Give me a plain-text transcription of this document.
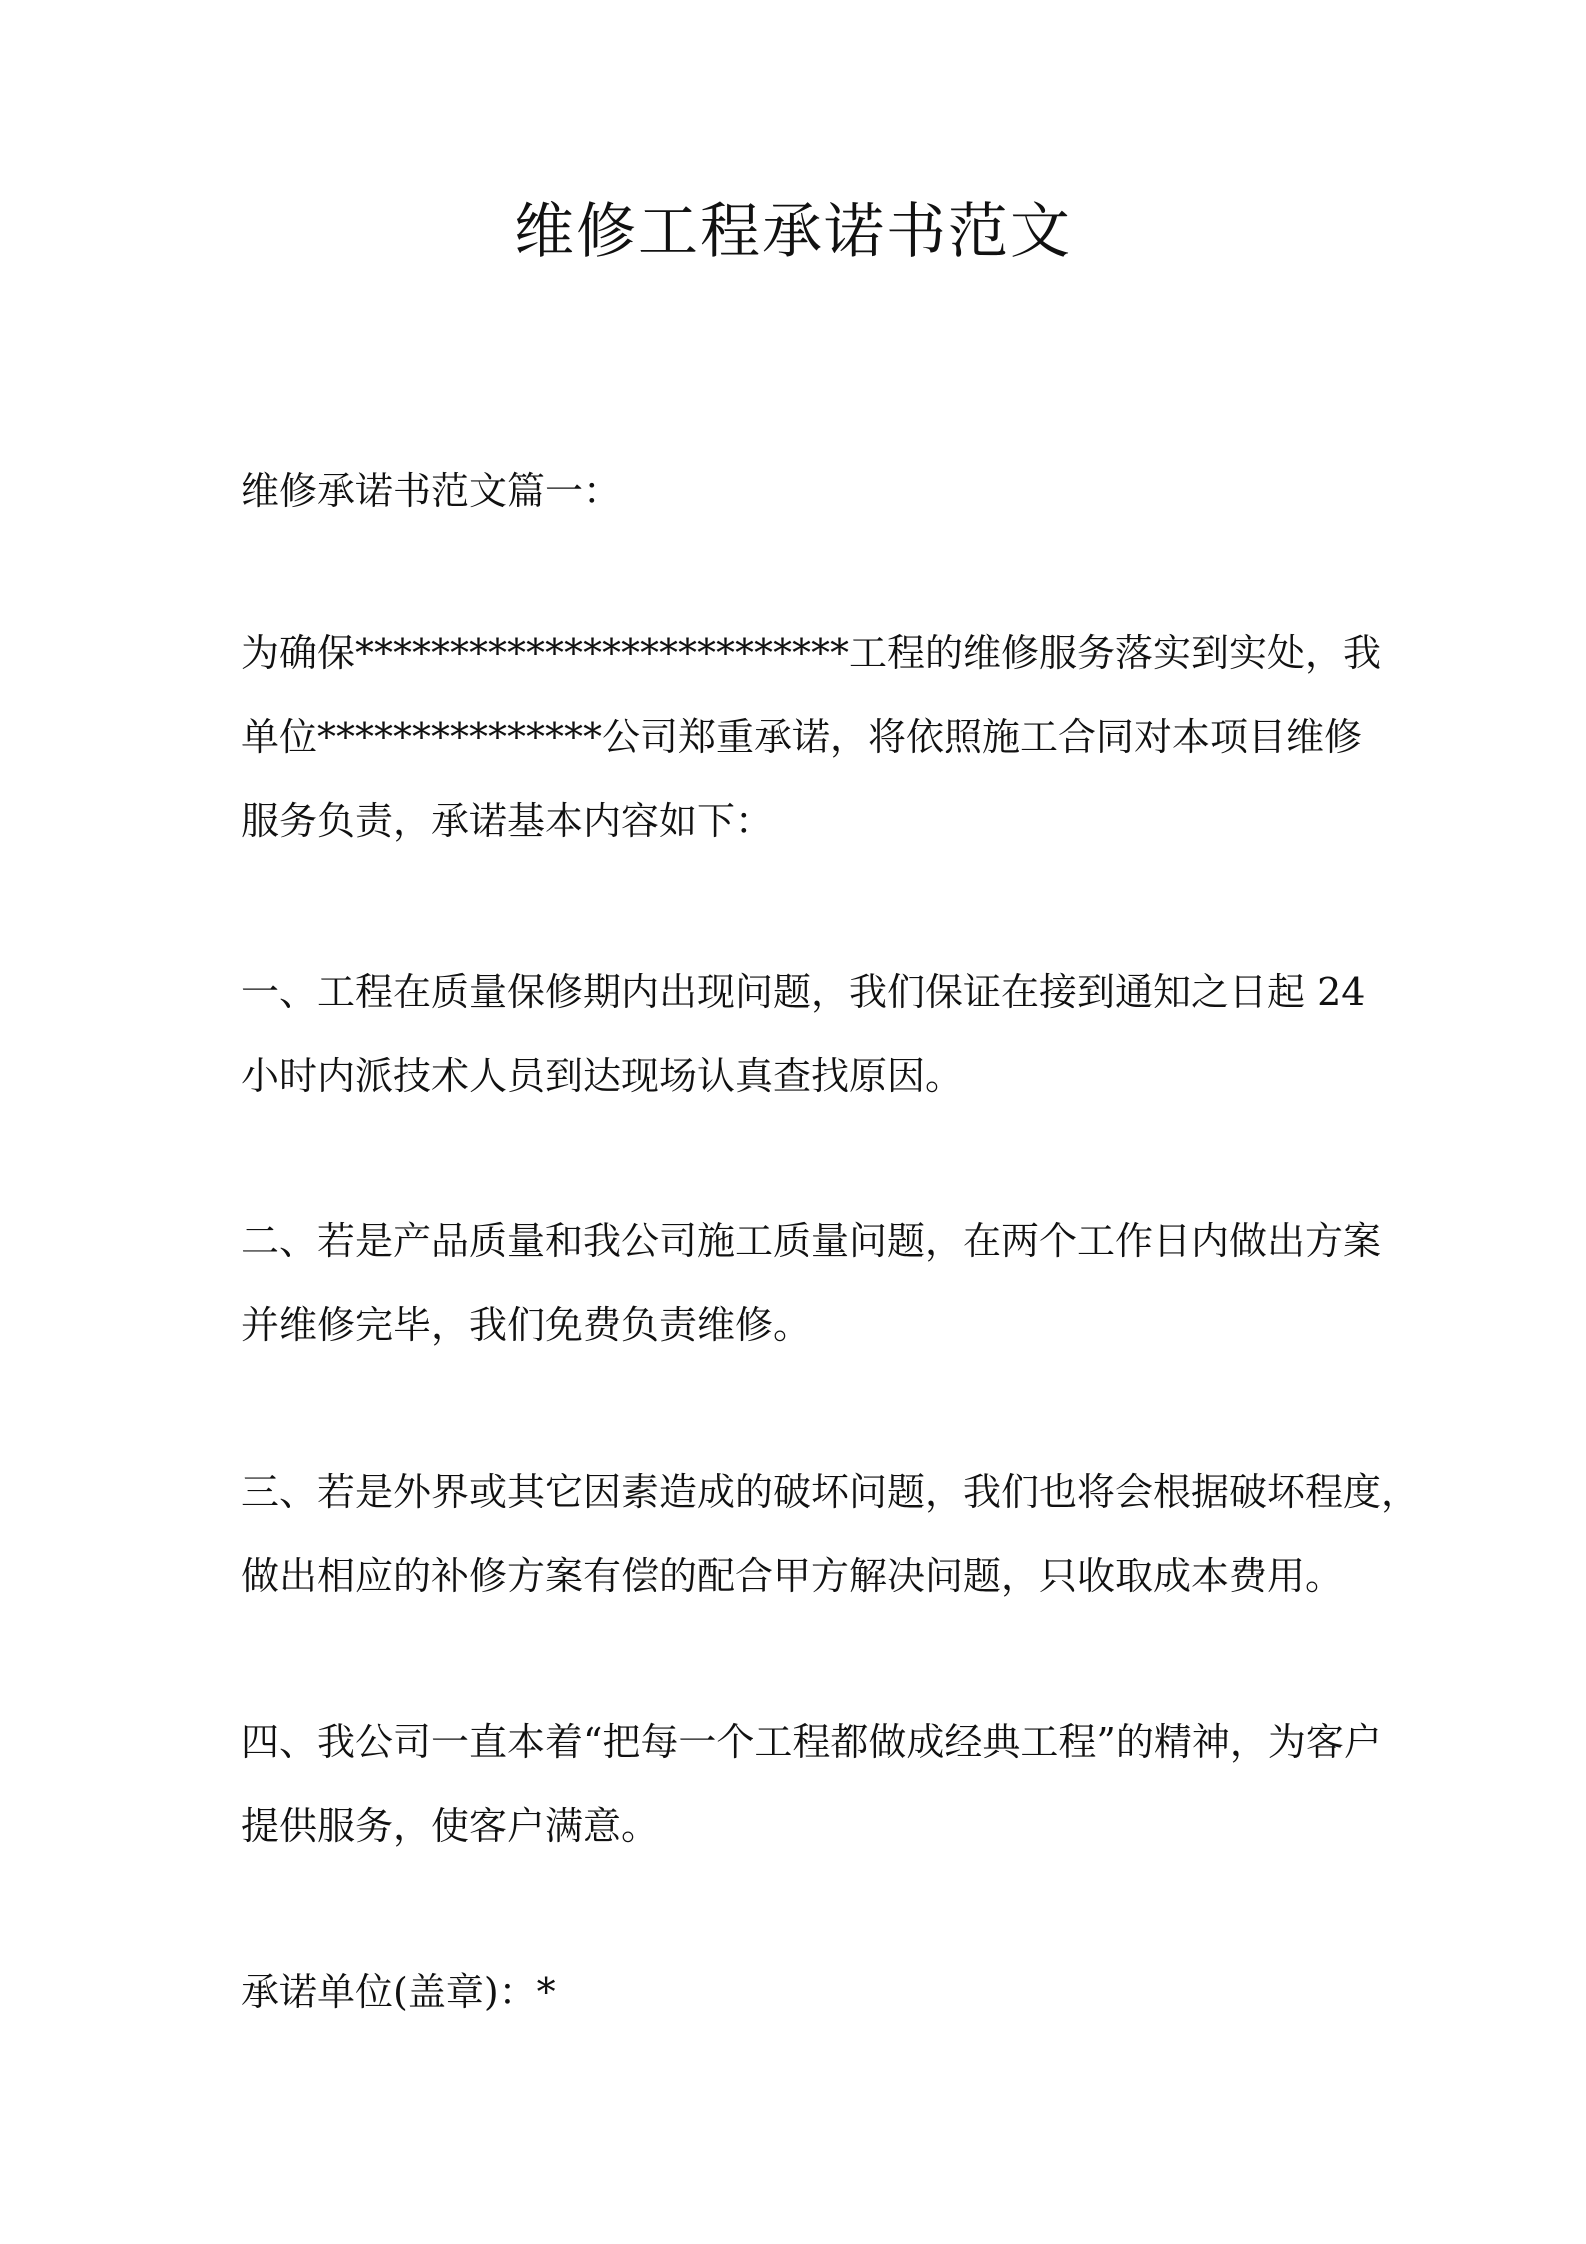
维修工程承诺书范文

维修承诺书范文篇一：

为确保**************************工程的维修服务落实到实处，我
单位***************公司郑重承诺，将依照施工合同对本项目维修
服务负责，承诺基本内容如下：

一、工程在质量保修期内出现问题，我们保证在接到通知之日起 24
小时内派技术人员到达现场认真查找原因。

二、若是产品质量和我公司施工质量问题，在两个工作日内做出方案
并维修完毕，我们免费负责维修。

三、若是外界或其它因素造成的破坏问题，我们也将会根据破坏程度，
做出相应的补修方案有偿的配合甲方解决问题，只收取成本费用。

四、我公司一直本着“把每一个工程都做成经典工程”的精神，为客户
提供服务，使客户满意。

承诺单位(盖章)：*
